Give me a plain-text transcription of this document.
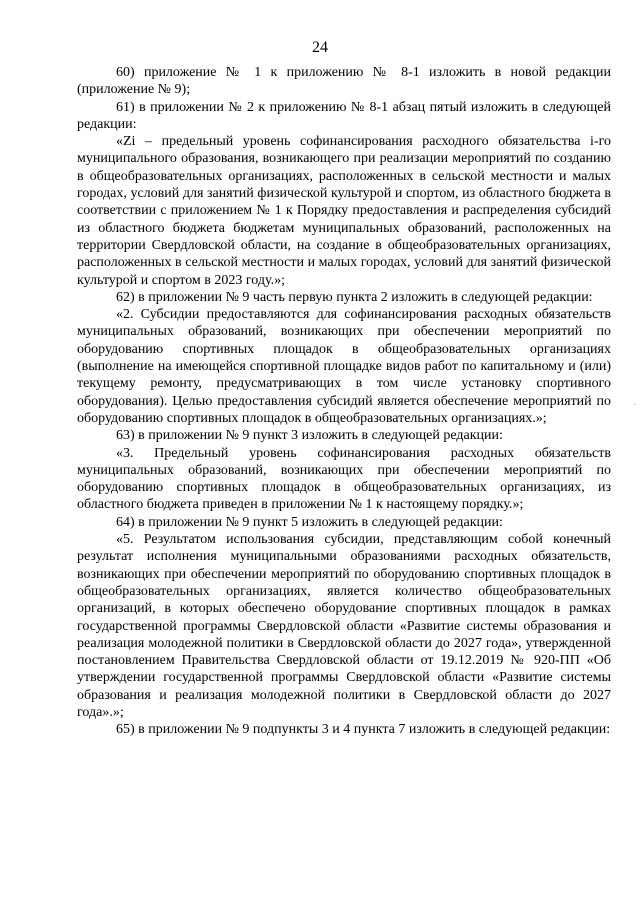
24

60) приложение № 1 к приложению № 8-1 изложить в новой редакции (приложение № 9);

61) в приложении № 2 к приложению № 8-1 абзац пятый изложить в следующей редакции:

«Zi – предельный уровень софинансирования расходного обязательства i-го муниципального образования, возникающего при реализации мероприятий по созданию в общеобразовательных организациях, расположенных в сельской местности и малых городах, условий для занятий физической культурой и спортом, из областного бюджета в соответствии с приложением № 1 к Порядку предоставления и распределения субсидий из областного бюджета бюджетам муниципальных образований, расположенных на территории Свердловской области, на создание в общеобразовательных организациях, расположенных в сельской местности и малых городах, условий для занятий физической культурой и спортом в 2023 году.»;

62) в приложении № 9 часть первую пункта 2 изложить в следующей редакции:

«2. Субсидии предоставляются для софинансирования расходных обязательств муниципальных образований, возникающих при обеспечении мероприятий по оборудованию спортивных площадок в общеобразовательных организациях (выполнение на имеющейся спортивной площадке видов работ по капитальному и (или) текущему ремонту, предусматривающих в том числе установку спортивного оборудования). Целью предоставления субсидий является обеспечение мероприятий по оборудованию спортивных площадок в общеобразовательных организациях.»;

63) в приложении № 9 пункт 3 изложить в следующей редакции:

«3. Предельный уровень софинансирования расходных обязательств муниципальных образований, возникающих при обеспечении мероприятий по оборудованию спортивных площадок в общеобразовательных организациях, из областного бюджета приведен в приложении № 1 к настоящему порядку.»;

64) в приложении № 9 пункт 5 изложить в следующей редакции:

«5. Результатом использования субсидии, представляющим собой конечный результат исполнения муниципальными образованиями расходных обязательств, возникающих при обеспечении мероприятий по оборудованию спортивных площадок в общеобразовательных организациях, является количество общеобразовательных организаций, в которых обеспечено оборудование спортивных площадок в рамках государственной программы Свердловской области «Развитие системы образования и реализация молодежной политики в Свердловской области до 2027 года», утвержденной постановлением Правительства Свердловской области от 19.12.2019 № 920-ПП «Об утверждении государственной программы Свердловской области «Развитие системы образования и реализация молодежной политики в Свердловской области до 2027 года».»;

65) в приложении № 9 подпункты 3 и 4 пункта 7 изложить в следующей редакции:
